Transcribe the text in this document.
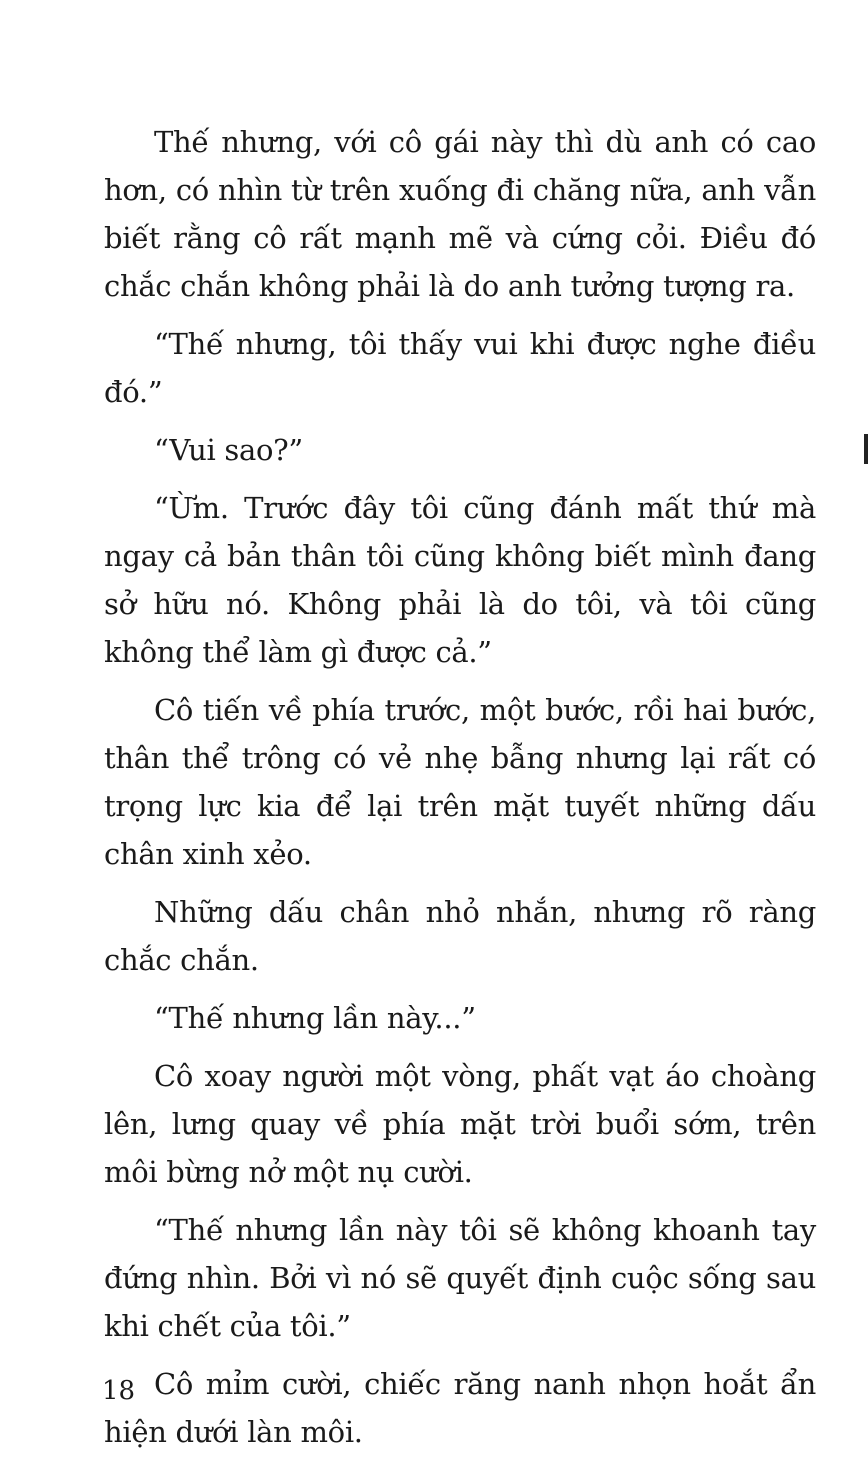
Thế nhưng, với cô gái này thì dù anh có cao hơn, có nhìn từ trên xuống đi chăng nữa, anh vẫn biết rằng cô rất mạnh mẽ và cứng cỏi. Điều đó chắc chắn không phải là do anh tưởng tượng ra.

“Thế nhưng, tôi thấy vui khi được nghe điều đó.”

“Vui sao?”

“Ừm. Trước đây tôi cũng đánh mất thứ mà ngay cả bản thân tôi cũng không biết mình đang sở hữu nó. Không phải là do tôi, và tôi cũng không thể làm gì được cả.”

Cô tiến về phía trước, một bước, rồi hai bước, thân thể trông có vẻ nhẹ bẫng nhưng lại rất có trọng lực kia để lại trên mặt tuyết những dấu chân xinh xẻo.

Những dấu chân nhỏ nhắn, nhưng rõ ràng chắc chắn.

“Thế nhưng lần này...”

Cô xoay người một vòng, phất vạt áo choàng lên, lưng quay về phía mặt trời buổi sớm, trên môi bừng nở một nụ cười.

“Thế nhưng lần này tôi sẽ không khoanh tay đứng nhìn. Bởi vì nó sẽ quyết định cuộc sống sau khi chết của tôi.”

Cô mỉm cười, chiếc răng nanh nhọn hoắt ẩn hiện dưới làn môi.

18
